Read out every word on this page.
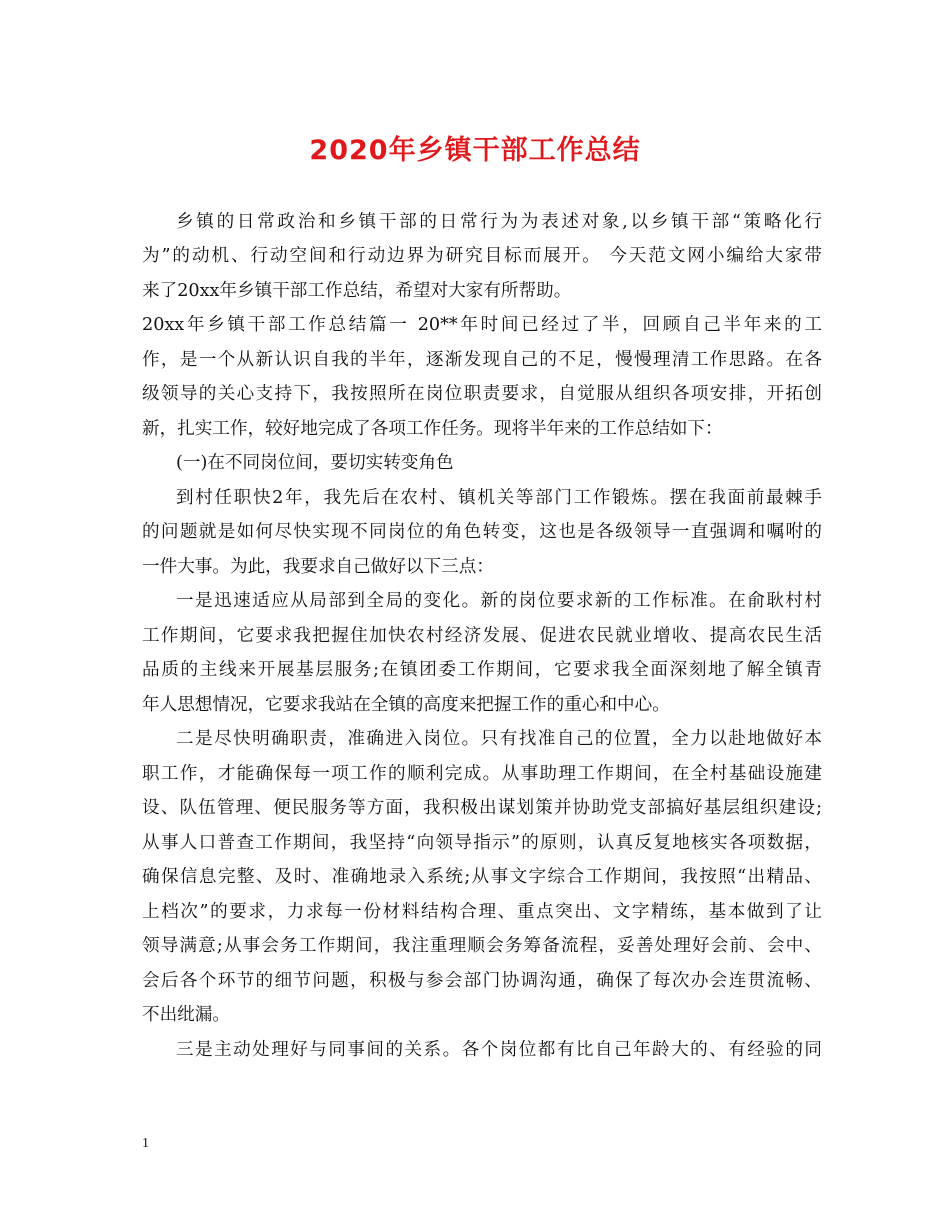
2020年乡镇干部工作总结
乡镇的日常政治和乡镇干部的日常行为为表述对象,以乡镇干部“策略化行
为”的动机、行动空间和行动边界为研究目标而展开。 今天范文网小编给大家带
来了20xx年乡镇干部工作总结，希望对大家有所帮助。
20xx年乡镇干部工作总结篇一 20**年时间已经过了半，回顾自己半年来的工
作，是一个从新认识自我的半年，逐渐发现自己的不足，慢慢理清工作思路。在各
级领导的关心支持下，我按照所在岗位职责要求，自觉服从组织各项安排，开拓创
新，扎实工作，较好地完成了各项工作任务。现将半年来的工作总结如下：
(一)在不同岗位间，要切实转变角色
到村任职快2年，我先后在农村、镇机关等部门工作锻炼。摆在我面前最棘手
的问题就是如何尽快实现不同岗位的角色转变，这也是各级领导一直强调和嘱咐的
一件大事。为此，我要求自己做好以下三点：
一是迅速适应从局部到全局的变化。新的岗位要求新的工作标准。在俞耿村村
工作期间，它要求我把握住加快农村经济发展、促进农民就业增收、提高农民生活
品质的主线来开展基层服务;在镇团委工作期间，它要求我全面深刻地了解全镇青
年人思想情况，它要求我站在全镇的高度来把握工作的重心和中心。
二是尽快明确职责，准确进入岗位。只有找准自己的位置，全力以赴地做好本
职工作，才能确保每一项工作的顺利完成。从事助理工作期间，在全村基础设施建
设、队伍管理、便民服务等方面，我积极出谋划策并协助党支部搞好基层组织建设;
从事人口普查工作期间，我坚持“向领导指示”的原则，认真反复地核实各项数据，
确保信息完整、及时、准确地录入系统;从事文字综合工作期间，我按照“出精品、
上档次”的要求，力求每一份材料结构合理、重点突出、文字精练，基本做到了让
领导满意;从事会务工作期间，我注重理顺会务筹备流程，妥善处理好会前、会中、
会后各个环节的细节问题，积极与参会部门协调沟通，确保了每次办会连贯流畅、
不出纰漏。
三是主动处理好与同事间的关系。各个岗位都有比自己年龄大的、有经验的同
1
